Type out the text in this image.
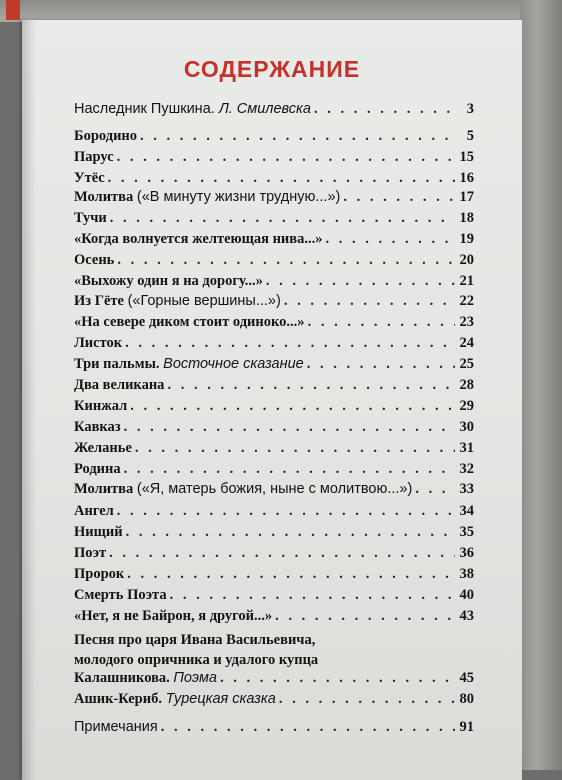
СОДЕРЖАНИЕ
Наследник Пушкина. Л. Смилевска . . .	3
Бородино . . .	5
Парус . . .	15
Утёс . . .	16
Молитва («В минуту жизни трудную...») . . .	17
Тучи . . .	18
«Когда волнуется желтеющая нива...» . . .	19
Осень . . .	20
«Выхожу один я на дорогу...» . . .	21
Из Гёте («Горные вершины...») . . .	22
«На севере диком стоит одиноко...» . . .	23
Листок . . .	24
Три пальмы. Восточное сказание . . .	25
Два великана . . .	28
Кинжал . . .	29
Кавказ . . .	30
Желанье . . .	31
Родина . . .	32
Молитва («Я, матерь божия, ныне с молитвою...») . . .	33
Ангел . . .	34
Нищий . . .	35
Поэт . . .	36
Пророк . . .	38
Смерть Поэта . . .	40
«Нет, я не Байрон, я другой...» . . .	43
Песня про царя Ивана Васильевича,
молодого опричника и удалого купца
Калашникова. Поэма . . .	45
Ашик-Кериб. Турецкая сказка . . .	80
Примечания . . .	91
